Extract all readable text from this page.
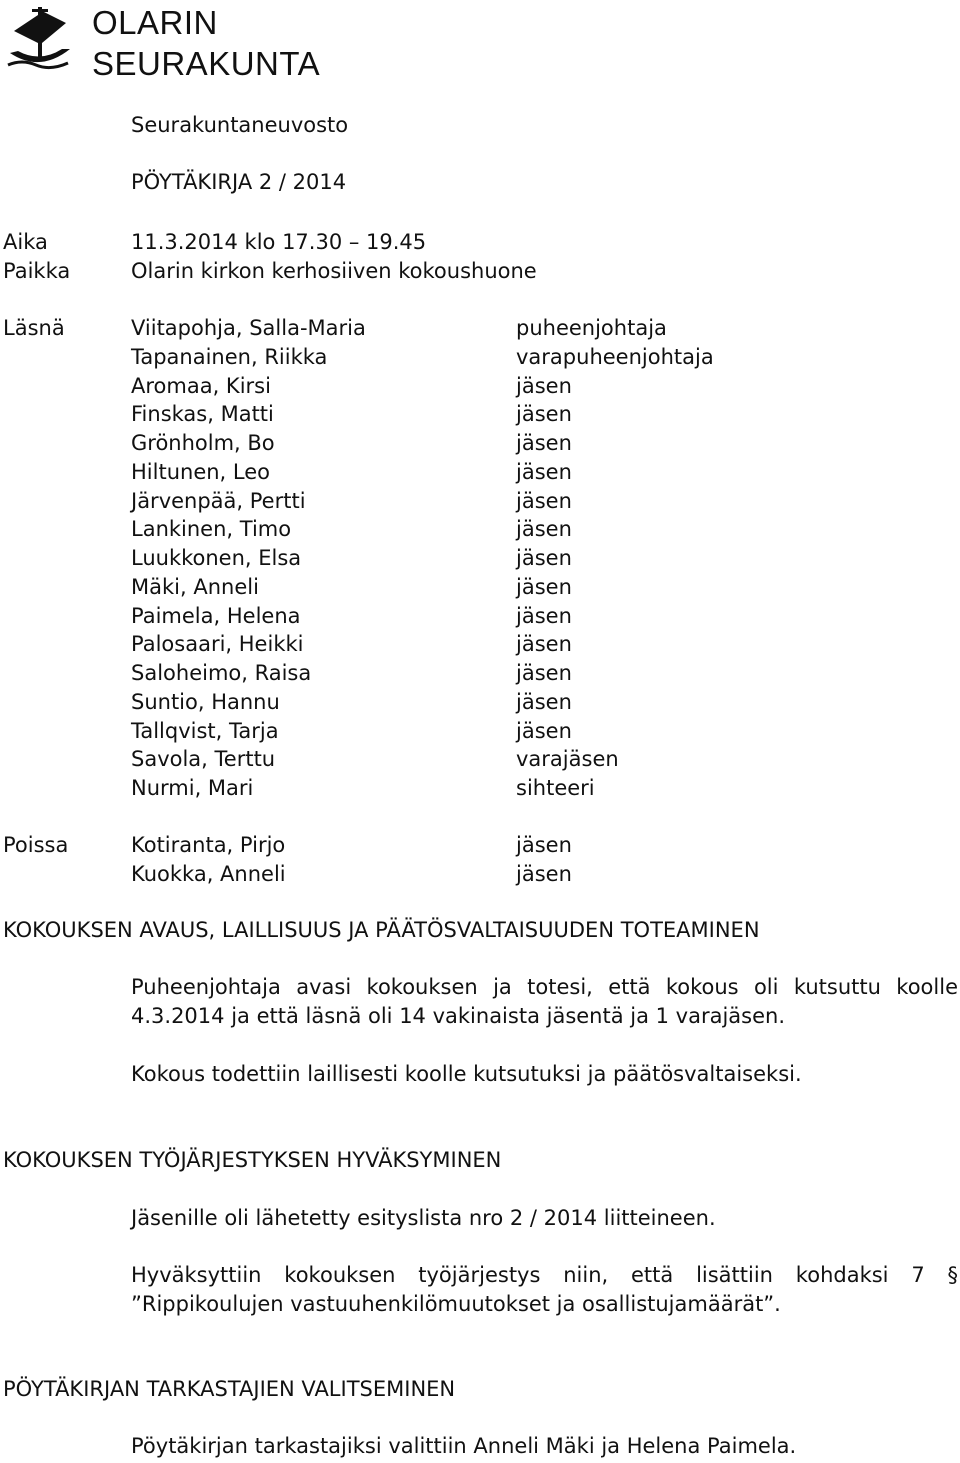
OLARIN
SEURAKUNTA
Seurakuntaneuvosto
PÖYTÄKIRJA 2 / 2014
Aika	11.3.2014 klo 17.30 – 19.45
Paikka	Olarin kirkon kerhosiiven kokoushuone
Läsnä	Viitapohja, Salla-Maria	puheenjohtaja
Tapanainen, Riikka	varapuheenjohtaja
Aromaa, Kirsi	jäsen
Finskas, Matti	jäsen
Grönholm, Bo	jäsen
Hiltunen, Leo	jäsen
Järvenpää, Pertti	jäsen
Lankinen, Timo	jäsen
Luukkonen, Elsa	jäsen
Mäki, Anneli	jäsen
Paimela, Helena	jäsen
Palosaari, Heikki	jäsen
Saloheimo, Raisa	jäsen
Suntio, Hannu	jäsen
Tallqvist, Tarja	jäsen
Savola, Terttu	varajäsen
Nurmi, Mari	sihteeri
Poissa	Kotiranta, Pirjo	jäsen
Kuokka, Anneli	jäsen
KOKOUKSEN AVAUS, LAILLISUUS JA PÄÄTÖSVALTAISUUDEN TOTEAMINEN
Puheenjohtaja avasi kokouksen ja totesi, että kokous oli kutsuttu koolle 4.3.2014 ja että läsnä oli 14 vakinaista jäsentä ja 1 varajäsen.
Kokous todettiin laillisesti koolle kutsutuksi ja päätösvaltaiseksi.
KOKOUKSEN TYÖJÄRJESTYKSEN HYVÄKSYMINEN
Jäsenille oli lähetetty esityslista nro 2 / 2014 liitteineen.
Hyväksyttiin kokouksen työjärjestys niin, että lisättiin kohdaksi 7 § ”Rippikoulujen vastuuhenkilömuutokset ja osallistujamäärät”.
PÖYTÄKIRJAN TARKASTAJIEN VALITSEMINEN
Pöytäkirjan tarkastajiksi valittiin Anneli Mäki ja Helena Paimela.
